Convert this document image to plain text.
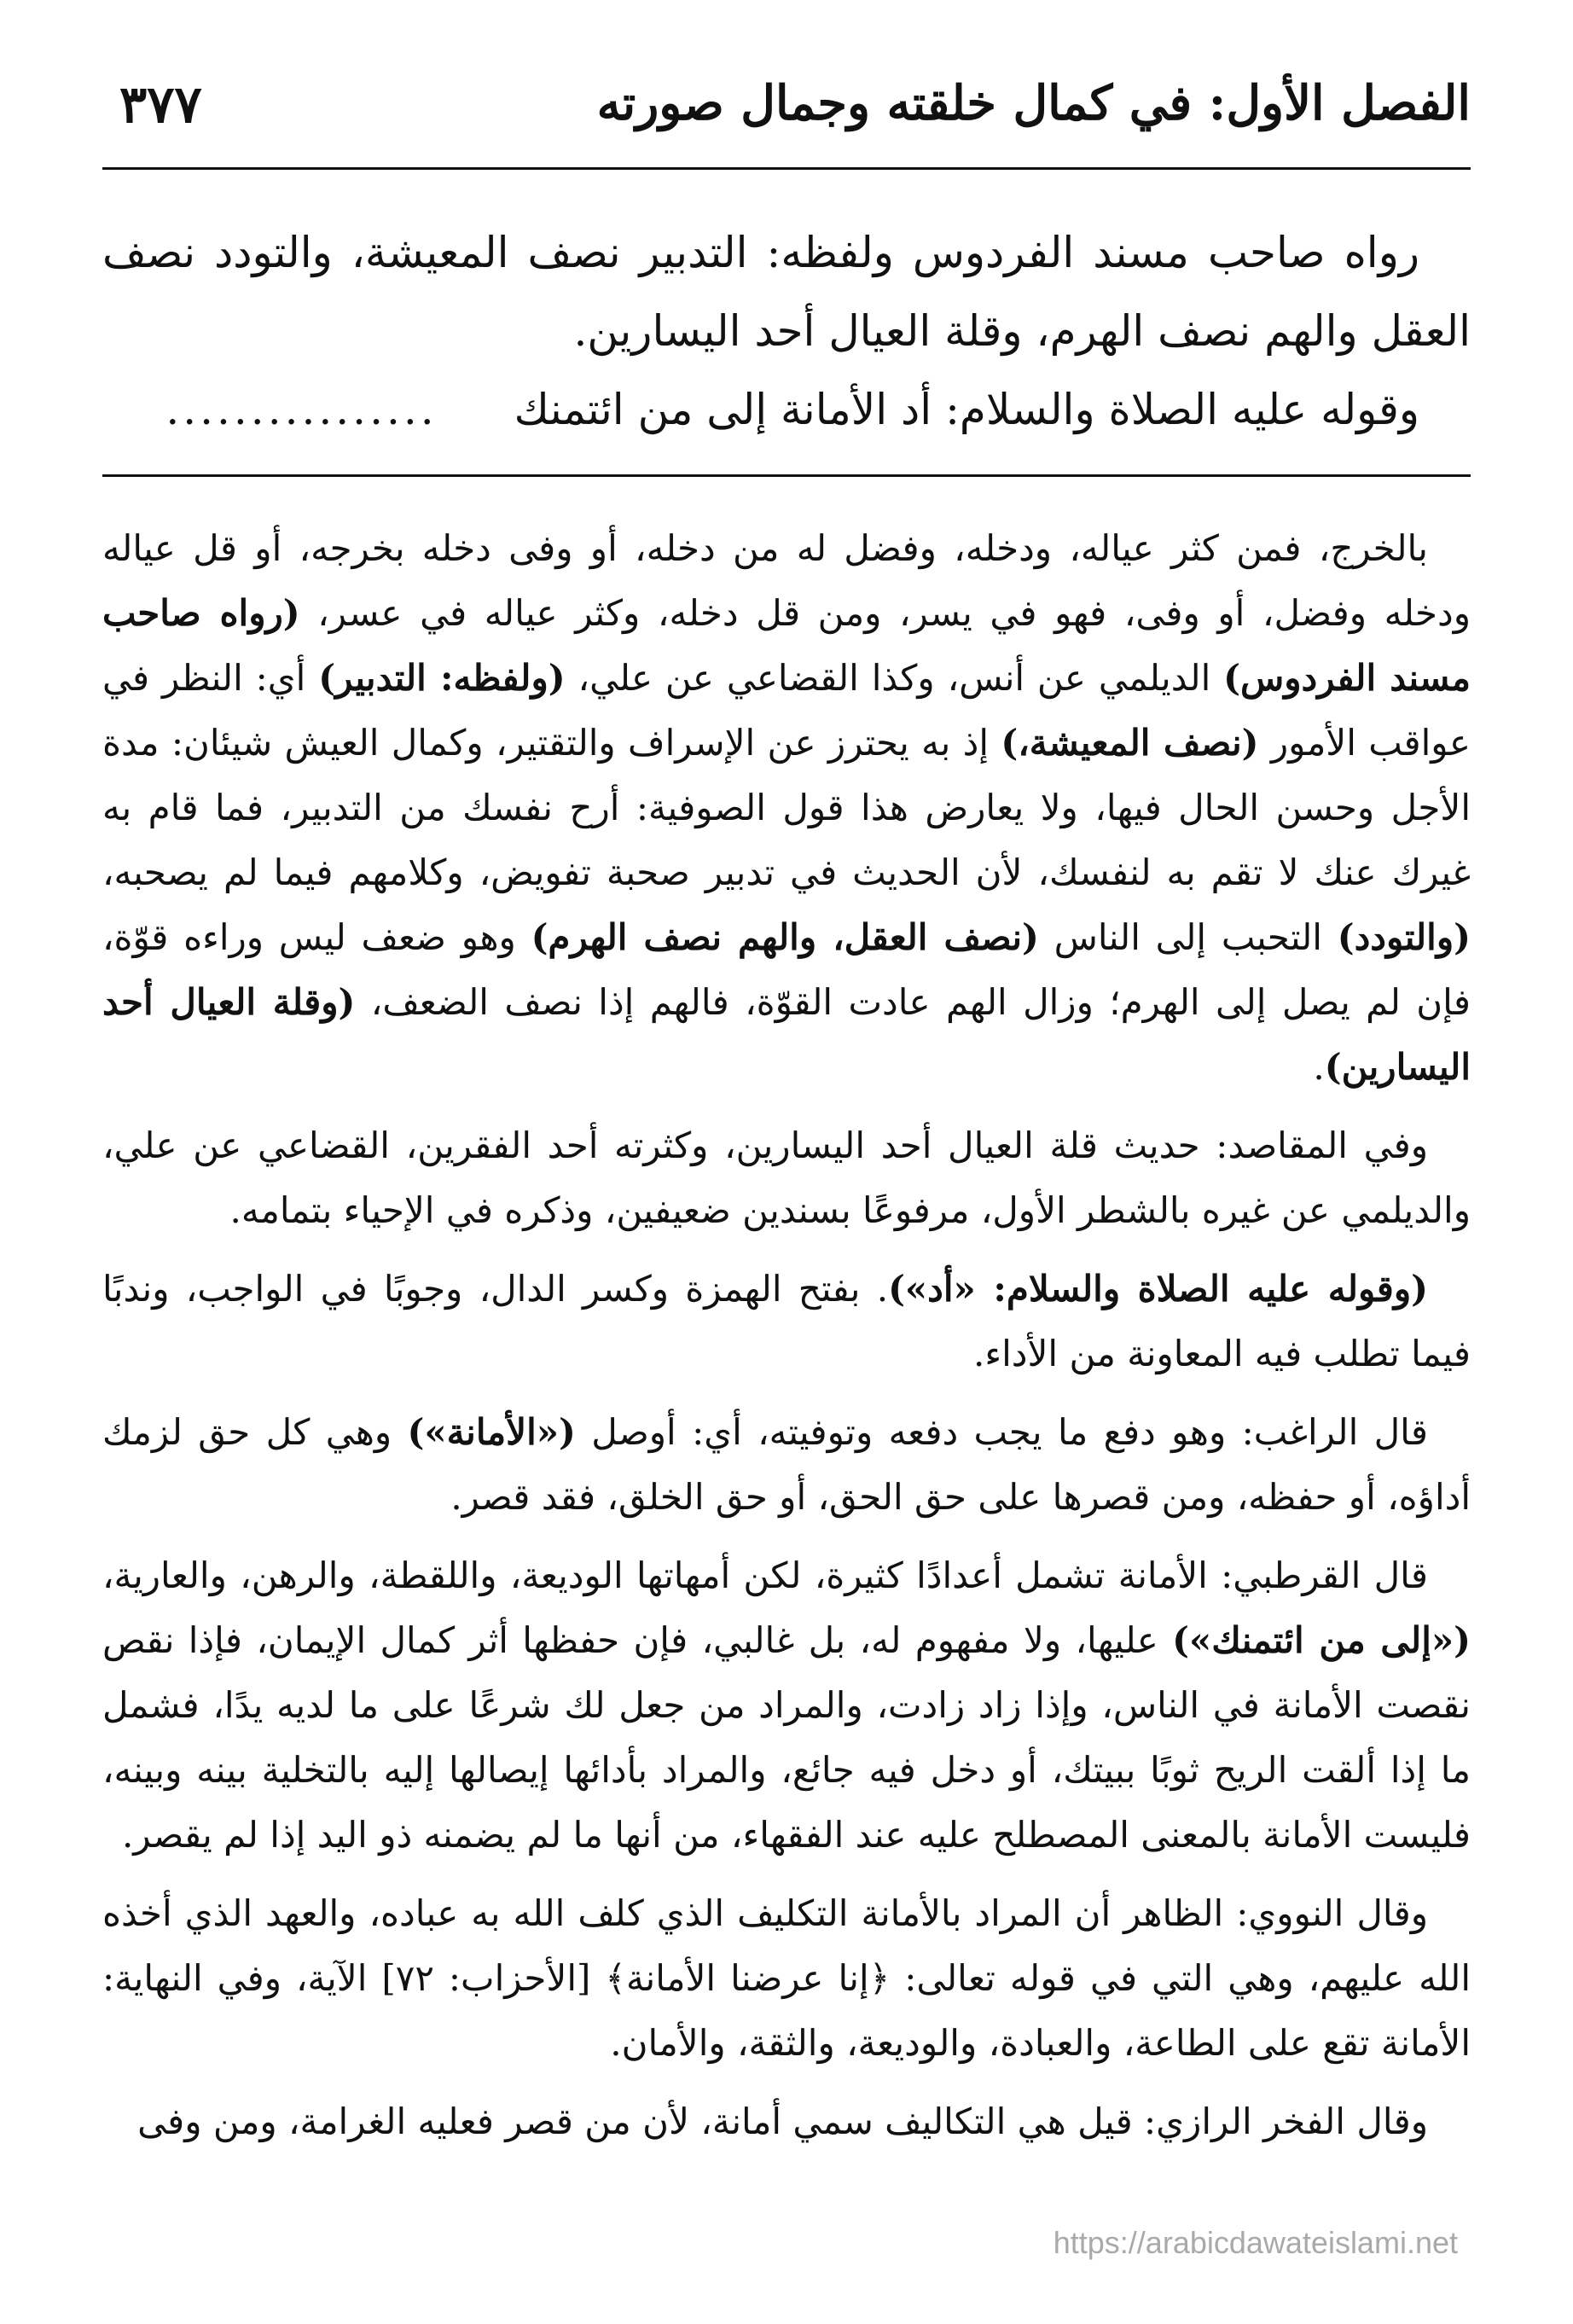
الفصل الأول: في كمال خلقته وجمال صورته
٣٧٧

رواه صاحب مسند الفردوس ولفظه: التدبير نصف المعيشة، والتودد نصف العقل والهم نصف الهرم، وقلة العيال أحد اليسارين.

وقوله عليه الصلاة والسلام: أد الأمانة إلى من ائتمنك................

بالخرج، فمن كثر عياله، ودخله، وفضل له من دخله، أو وفى دخله بخرجه، أو قل عياله ودخله وفضل، أو وفى، فهو في يسر، ومن قل دخله، وكثر عياله في عسر، (رواه صاحب مسند الفردوس) الديلمي عن أنس، وكذا القضاعي عن علي، (ولفظه: التدبير) أي: النظر في عواقب الأمور (نصف المعيشة،) إذ به يحترز عن الإسراف والتقتير، وكمال العيش شيئان: مدة الأجل وحسن الحال فيها، ولا يعارض هذا قول الصوفية: أرح نفسك من التدبير، فما قام به غيرك عنك لا تقم به لنفسك، لأن الحديث في تدبير صحبة تفويض، وكلامهم فيما لم يصحبه، (والتودد) التحبب إلى الناس (نصف العقل، والهم نصف الهرم) وهو ضعف ليس وراءه قوّة، فإن لم يصل إلى الهرم؛ وزال الهم عادت القوّة، فالهم إذا نصف الضعف، (وقلة العيال أحد اليسارين).

وفي المقاصد: حديث قلة العيال أحد اليسارين، وكثرته أحد الفقرين، القضاعي عن علي، والديلمي عن غيره بالشطر الأول، مرفوعًا بسندين ضعيفين، وذكره في الإحياء بتمامه.

(وقوله عليه الصلاة والسلام: «أد»). بفتح الهمزة وكسر الدال، وجوبًا في الواجب، وندبًا فيما تطلب فيه المعاونة من الأداء.

قال الراغب: وهو دفع ما يجب دفعه وتوفيته، أي: أوصل («الأمانة») وهي كل حق لزمك أداؤه، أو حفظه، ومن قصرها على حق الحق، أو حق الخلق، فقد قصر.

قال القرطبي: الأمانة تشمل أعدادًا كثيرة، لكن أمهاتها الوديعة، واللقطة، والرهن، والعارية، («إلى من ائتمنك») عليها، ولا مفهوم له، بل غالبي، فإن حفظها أثر كمال الإيمان، فإذا نقص نقصت الأمانة في الناس، وإذا زاد زادت، والمراد من جعل لك شرعًا على ما لديه يدًا، فشمل ما إذا ألقت الريح ثوبًا ببيتك، أو دخل فيه جائع، والمراد بأدائها إيصالها إليه بالتخلية بينه وبينه، فليست الأمانة بالمعنى المصطلح عليه عند الفقهاء، من أنها ما لم يضمنه ذو اليد إذا لم يقصر.

وقال النووي: الظاهر أن المراد بالأمانة التكليف الذي كلف الله به عباده، والعهد الذي أخذه الله عليهم، وهي التي في قوله تعالى: ﴿إنا عرضنا الأمانة﴾ [الأحزاب: ٧٢] الآية، وفي النهاية: الأمانة تقع على الطاعة، والعبادة، والوديعة، والثقة، والأمان.

وقال الفخر الرازي: قيل هي التكاليف سمي أمانة، لأن من قصر فعليه الغرامة، ومن وفى

https://arabicdawateislami.net
